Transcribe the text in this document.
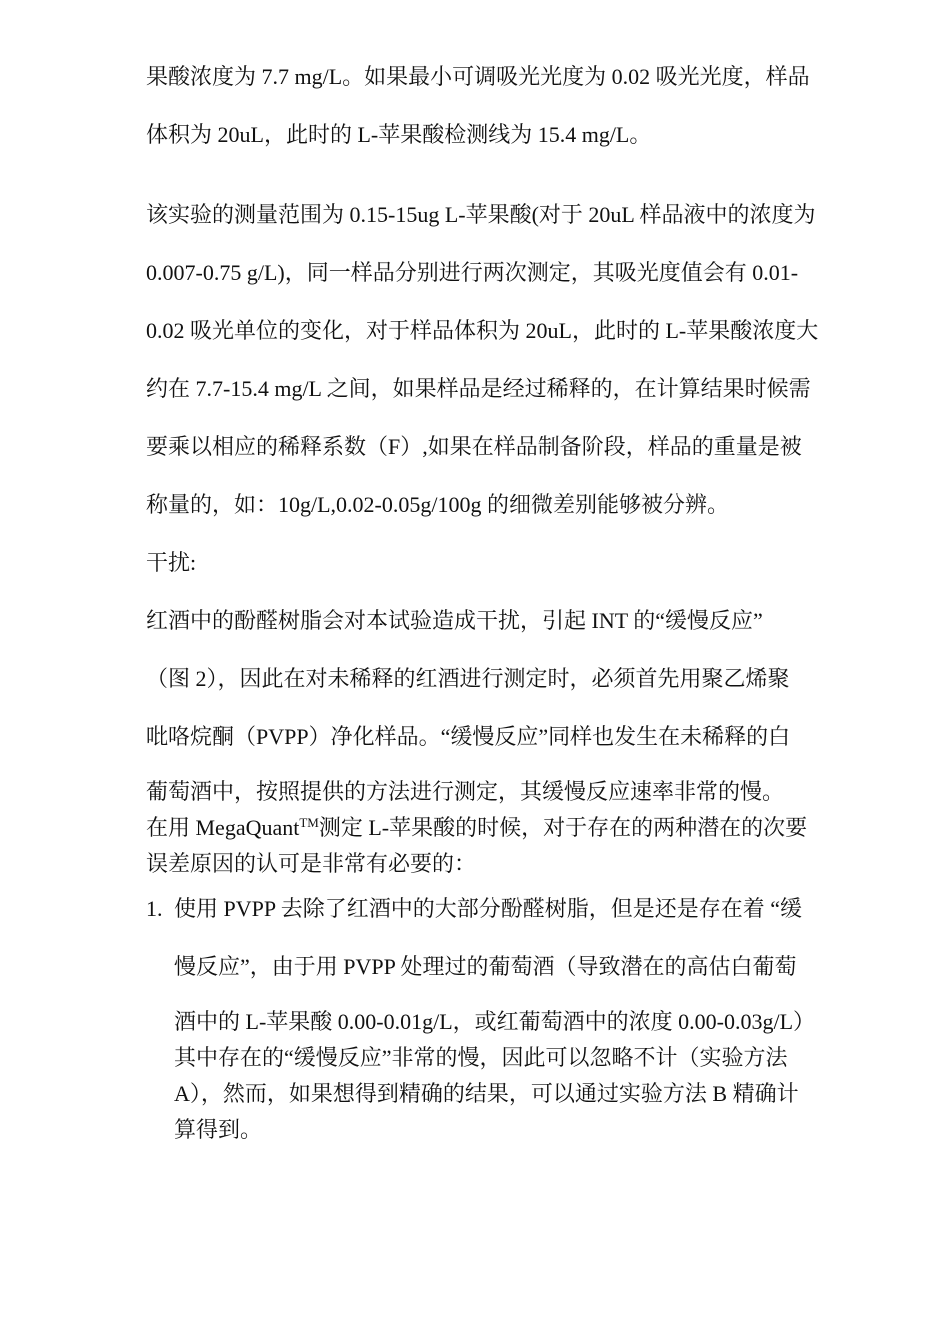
果酸浓度为 7.7 mg/L。如果最小可调吸光光度为 0.02 吸光光度，样品
体积为 20uL，此时的 L-苹果酸检测线为 15.4 mg/L。
该实验的测量范围为 0.15-15ug L-苹果酸(对于 20uL 样品液中的浓度为
0.007-0.75 g/L)，同一样品分别进行两次测定，其吸光度值会有 0.01-
0.02 吸光单位的变化，对于样品体积为 20uL，此时的 L-苹果酸浓度大
约在 7.7-15.4 mg/L 之间，如果样品是经过稀释的，在计算结果时候需
要乘以相应的稀释系数（F）,如果在样品制备阶段，样品的重量是被
称量的，如：10g/L,0.02-0.05g/100g 的细微差别能够被分辨。
干扰:
红酒中的酚醛树脂会对本试验造成干扰，引起 INT 的“缓慢反应”
（图 2），因此在对未稀释的红酒进行测定时，必须首先用聚乙烯聚
吡咯烷酮（PVPP）净化样品。“缓慢反应”同样也发生在未稀释的白
葡萄酒中，按照提供的方法进行测定，其缓慢反应速率非常的慢。
在用 MegaQuant™测定 L-苹果酸的时候，对于存在的两种潜在的次要
误差原因的认可是非常有必要的：
1. 使用 PVPP 去除了红酒中的大部分酚醛树脂，但是还是存在着 “缓
慢反应”，由于用 PVPP 处理过的葡萄酒（导致潜在的高估白葡萄
酒中的 L-苹果酸 0.00-0.01g/L，或红葡萄酒中的浓度 0.00-0.03g/L）
其中存在的“缓慢反应”非常的慢，因此可以忽略不计（实验方法
A），然而，如果想得到精确的结果，可以通过实验方法 B 精确计
算得到。
